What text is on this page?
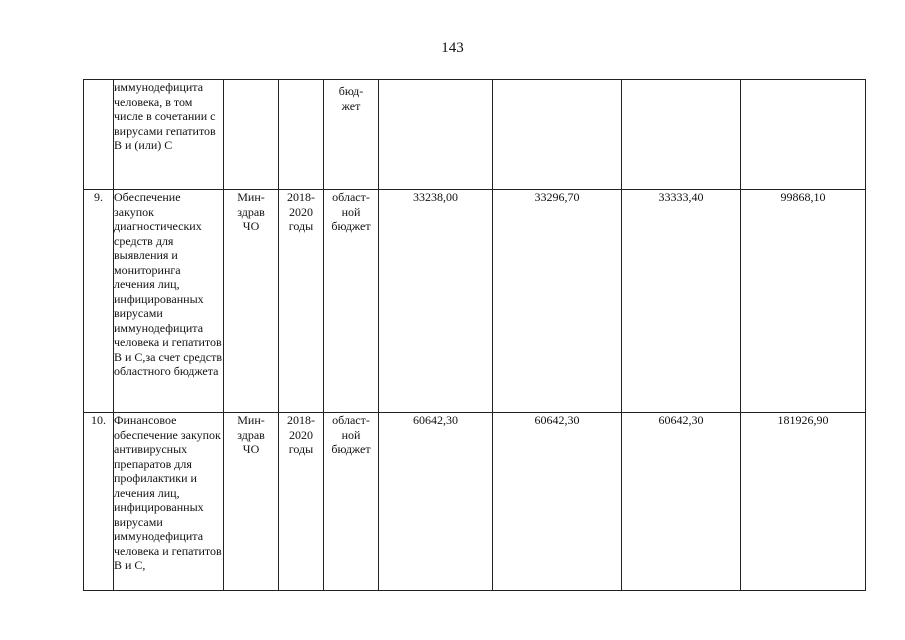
143
	иммунодефицита человека, в том числе в сочетании с вирусами гепатитов В и (или) С			бюд-
жет				
9.	Обеспечение закупок диагностических средств для выявления и мониторинга лечения лиц, инфицированных вирусами иммунодефицита человека и гепатитов В и С,за счет средств областного бюджета	Мин-
здрав
ЧО	2018-
2020
годы	област-
ной
бюджет	33238,00	33296,70	33333,40	99868,10
10.	Финансовое обеспечение закупок антивирусных препаратов для профилактики и лечения лиц, инфицированных вирусами иммунодефицита человека и гепатитов В и С,	Мин-
здрав
ЧО	2018-
2020
годы	област-
ной
бюджет	60642,30	60642,30	60642,30	181926,90
